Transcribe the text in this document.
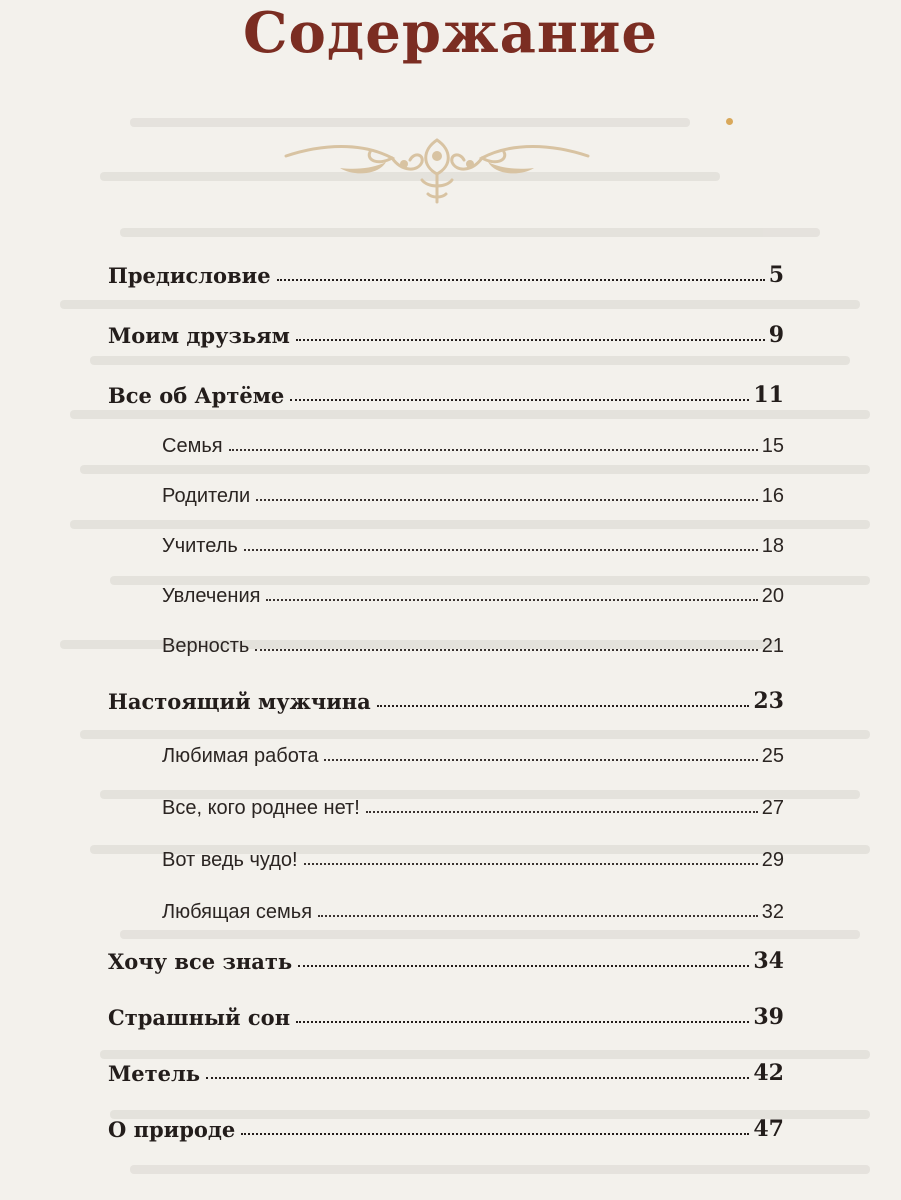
Содержание
Предисловие	5
Моим друзьям	9
Все об Артёме	11
Семья	15
Родители	16
Учитель	18
Увлечения	20
Верность	21
Настоящий мужчина	23
Любимая работа	25
Все, кого роднее нет!	27
Вот ведь чудо!	29
Любящая семья	32
Хочу все знать	34
Страшный сон	39
Метель	42
О природе	47
